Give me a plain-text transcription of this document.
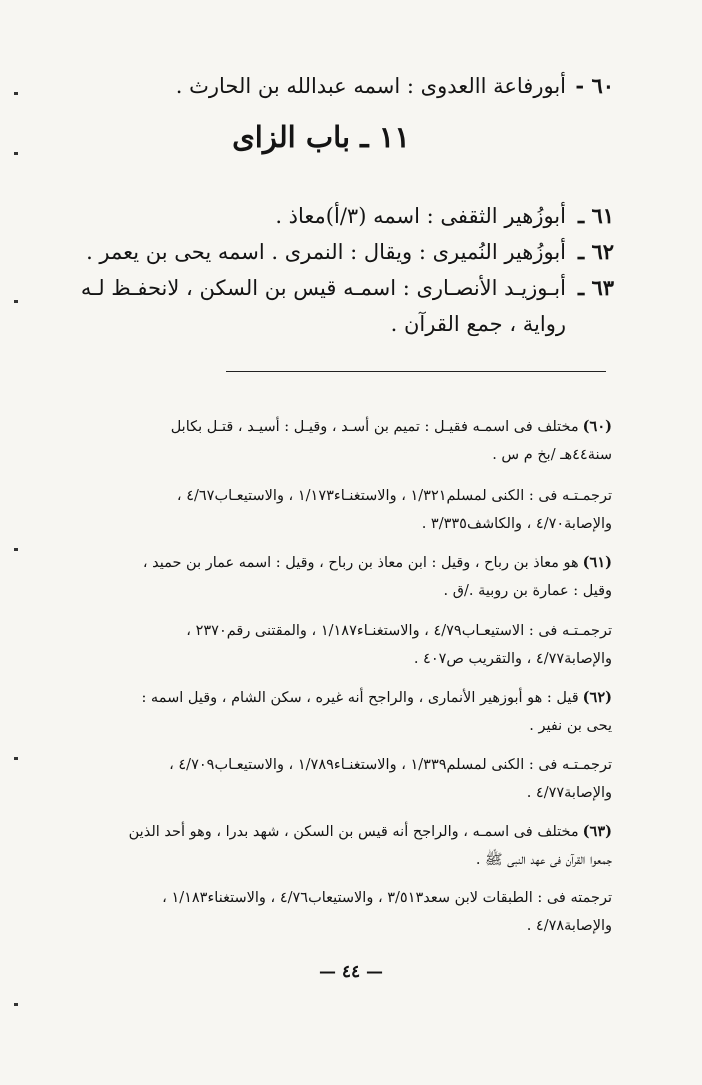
٦٠ -أبورفاعة االعدوى : اسمه عبدالله بن الحارث .
١١ ـ باب الزاى
٦١ ـأبوزُهير الثقفى : اسمه (٣/أ)معاذ .
٦٢ ـأبوزُهير النُميرى : ويقال : النمرى . اسمه يحى بن يعمر .
٦٣ ـأبـوزيـد الأنصـارى : اسمـه قيس بن السكن ، لانحفـظ لـه
رواية ، جمع القرآن .
(٦٠)مختلف فى اسمـه فقيـل : تميم بن أسـد ، وقيـل : أسيـد ، قتـل بكابل
سنة٤٤هـ /بخ م س .
ترجمـتـه فى : الكنى لمسلم١/٣٢١ ، والاستغنـاء١/١٧٣ ، والاستيعـاب٤/٦٧ ،
والإصابة٤/٧٠ ، والكاشف٣/٣٣٥ .
(٦١)هو معاذ بن رباح ، وقيل : ابن معاذ بن رباح ، وقيل : اسمه عمار بن حميد ،
وقيل : عمارة بن روبية ./ق .
ترجمـتـه فى : الاستيعـاب٤/٧٩ ، والاستغنـاء١/١٨٧ ، والمقتنى رقم٢٣٧٠ ،
والإصابة٤/٧٧ ، والتقريب ص٤٠٧ .
(٦٢)قيل : هو أبوزهير الأنمارى ، والراجح أنه غيره ، سكن الشام ، وقيل اسمه :
يحى بن نفير .
ترجمـتـه فى : الكنى لمسلم١/٣٣٩ ، والاستغنـاء١/٧٨٩ ، والاستيعـاب٤/٧٠٩ ،
والإصابة٤/٧٧ .
(٦٣)مختلف فى اسمـه ، والراجح أنه قيس بن السكن ، شهد بدرا ، وهو أحد الذين
جمعوا القرآن فى عهد النبى ﷺ .
ترجمته فى : الطبقات لابن سعد٣/٥١٣ ، والاستيعاب٤/٧٦ ، والاستغناء١/١٨٣ ،
والإصابة٤/٧٨ .
— ٤٤ —
